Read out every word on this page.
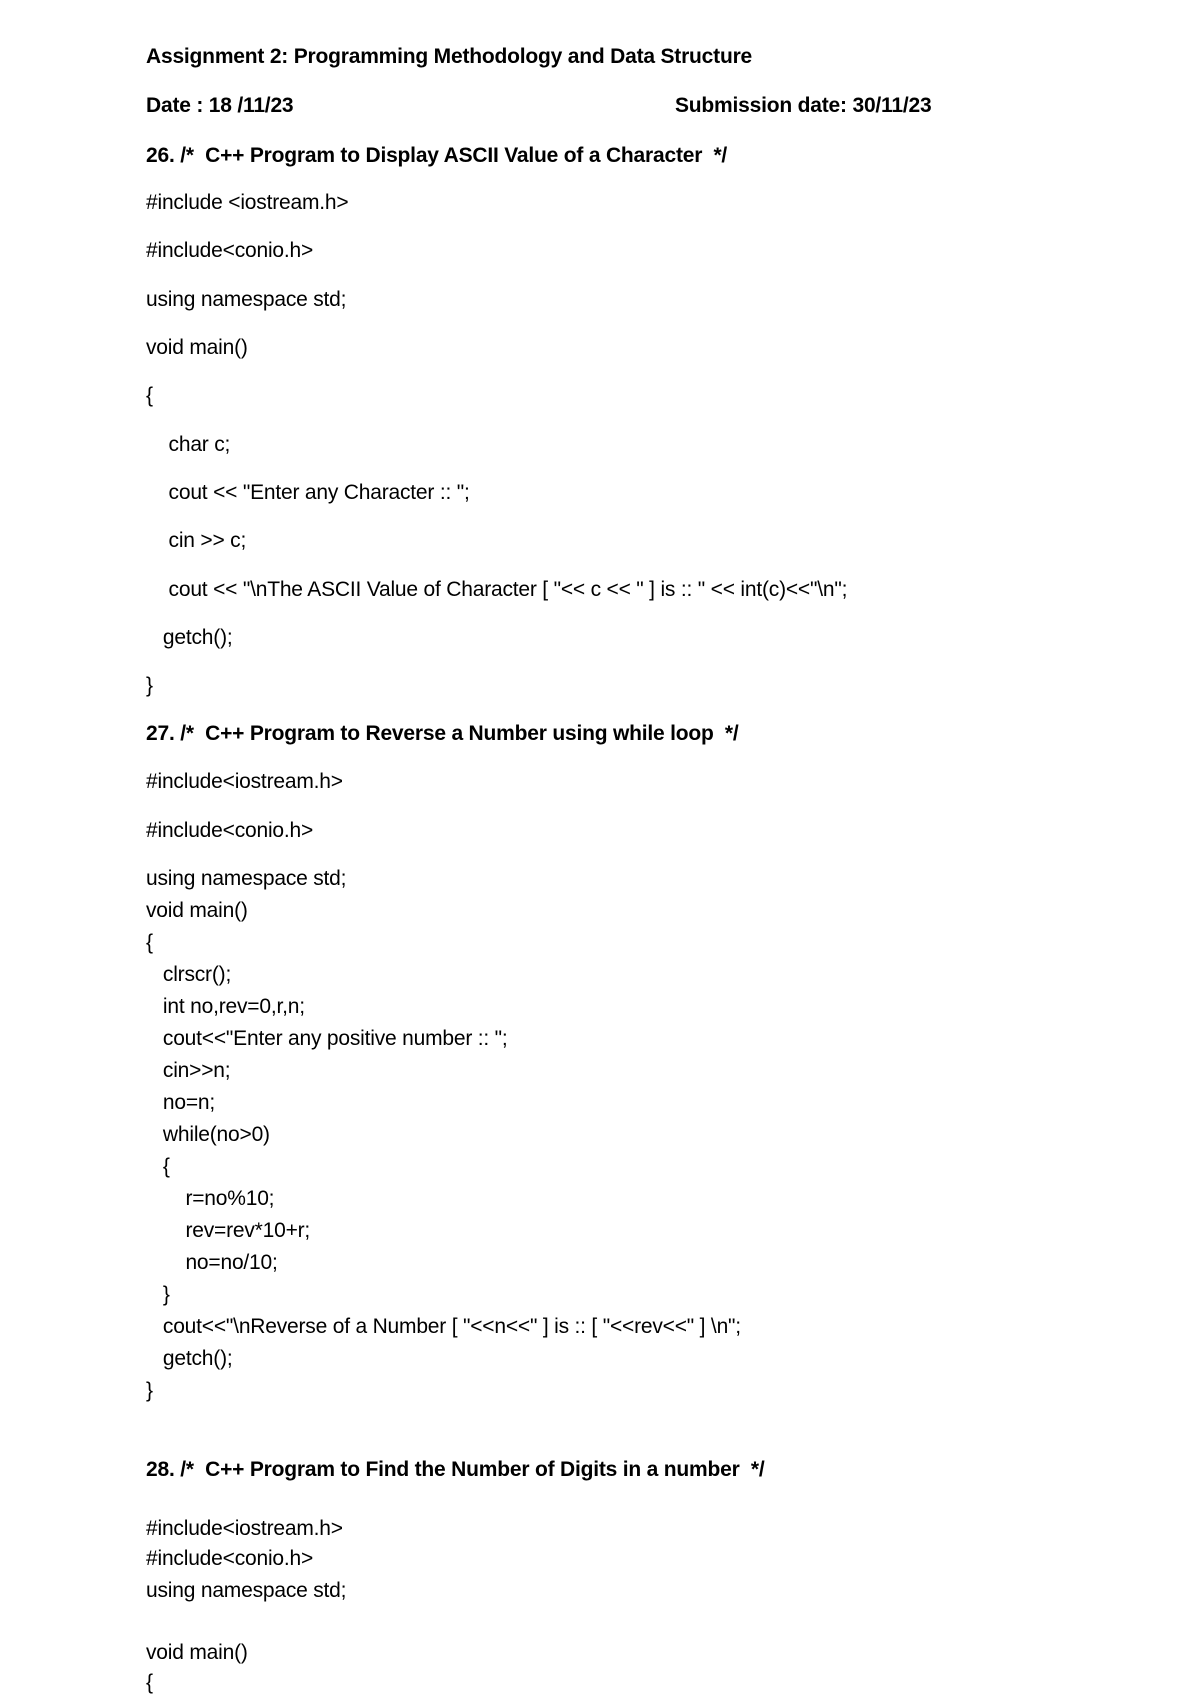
Assignment 2: Programming Methodology and Data Structure
Date : 18 /11/23	Submission date: 30/11/23
26. /*  C++ Program to Display ASCII Value of a Character  */
#include <iostream.h>
#include<conio.h>
using namespace std;
void main()
{
char c;
cout << "Enter any Character :: ";
cin >> c;
cout << "\nThe ASCII Value of Character [ "<< c << " ] is :: " << int(c)<<"\n";
getch();
}
27. /*  C++ Program to Reverse a Number using while loop  */
#include<iostream.h>
#include<conio.h>
using namespace std;
void main()
{
clrscr();
int no,rev=0,r,n;
cout<<"Enter any positive number :: ";
cin>>n;
no=n;
while(no>0)
{
r=no%10;
rev=rev*10+r;
no=no/10;
}
cout<<"\nReverse of a Number [ "<<n<<" ] is :: [ "<<rev<<" ] \n";
getch();
}
28. /*  C++ Program to Find the Number of Digits in a number  */
#include<iostream.h>
#include<conio.h>
using namespace std;
void main()
{
